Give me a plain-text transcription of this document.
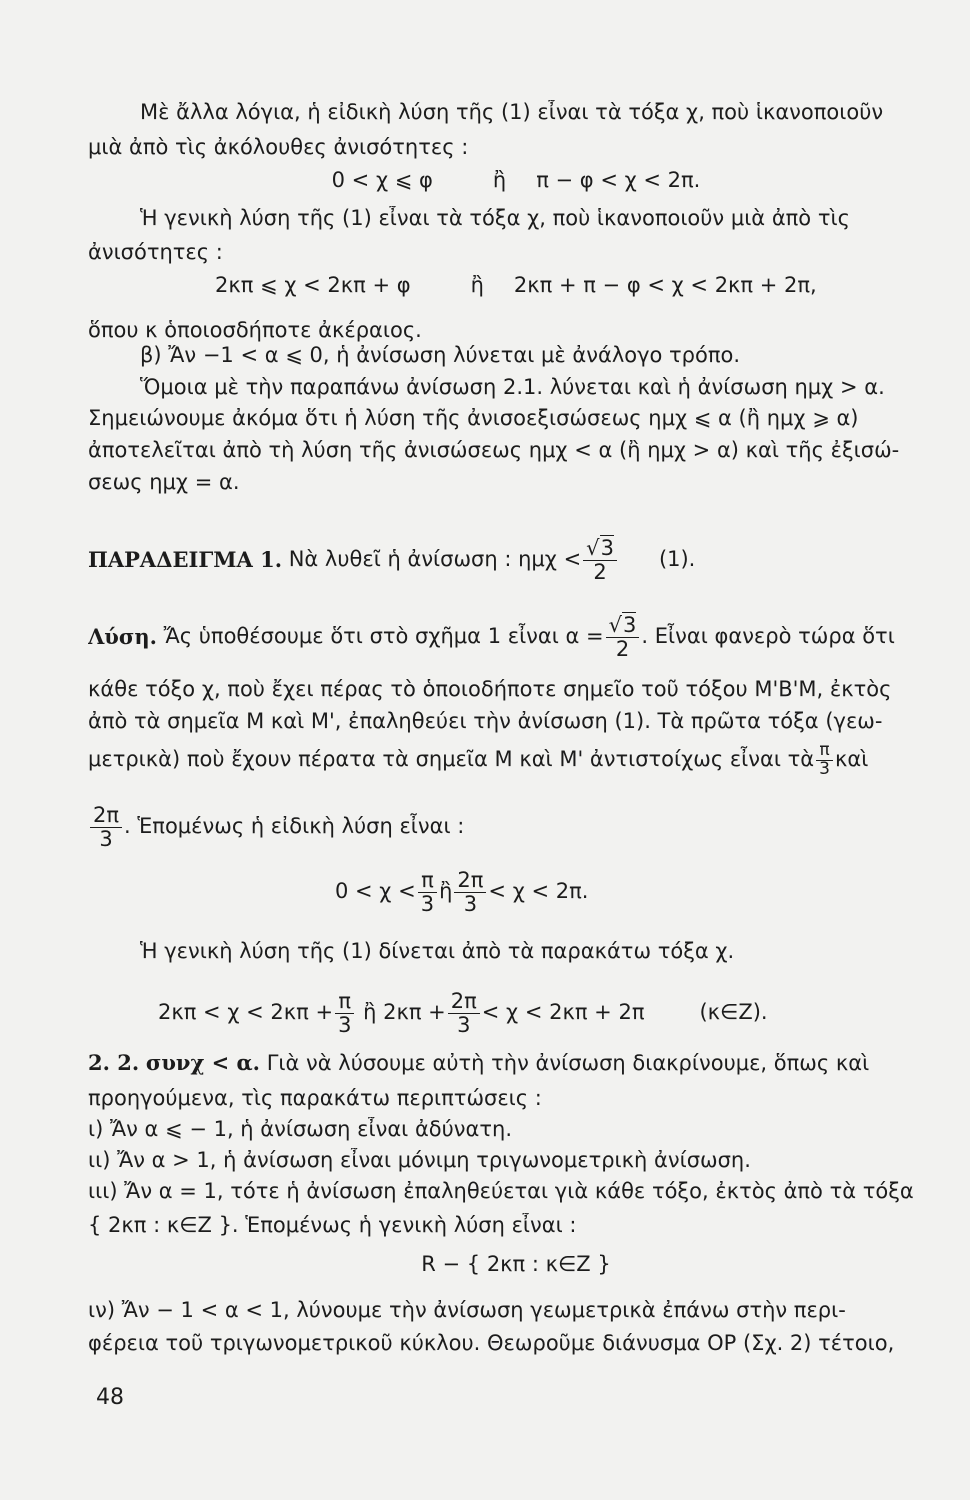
Μὲ ἄλλα λόγια, ἡ εἰδικὴ λύση τῆς (1) εἶναι τὰ τόξα χ, ποὺ ἱκανοποιοῦν
μιὰ ἀπὸ τὶς ἀκόλουθες ἀνισότητες :
0 < χ ⩽ φ	ἢ π − φ < χ < 2π.
Ἡ γενικὴ λύση τῆς (1) εἶναι τὰ τόξα χ, ποὺ ἱκανοποιοῦν μιὰ ἀπὸ τὶς
ἀνισότητες :
2κπ ⩽ χ < 2κπ + φ	ἢ 2κπ + π − φ < χ < 2κπ + 2π,
ὅπου κ ὁποιοσδήποτε ἀκέραιος.
β) Ἄν −1 < α ⩽ 0, ἡ ἀνίσωση λύνεται μὲ ἀνάλογο τρόπο.
Ὅμοια μὲ τὴν παραπάνω ἀνίσωση 2.1. λύνεται καὶ ἡ ἀνίσωση ημχ > α.
Σημειώνουμε ἀκόμα ὅτι ἡ λύση τῆς ἀνισοεξισώσεως ημχ ⩽ α (ἢ ημχ ⩾ α)
ἀποτελεῖται ἀπὸ τὴ λύση τῆς ἀνισώσεως ημχ < α (ἢ ημχ > α) καὶ τῆς ἐξισώ-
σεως ημχ = α.
ΠΑΡΑΔΕΙΓΜΑ 1.
Νὰ λυθεῖ ἡ ἀνίσωση : $\eta\mu\chi < \frac{√3}{2} (1)$.
Λύση.
Ἄς ὑποθέσουμε ὅτι στὸ σχῆμα 1 εἶναι $\alpha = \frac{√3}{2}$ . Εἶναι φανερὸ τώρα ὅτι
κάθε τόξο χ, ποὺ ἔχει πέρας τὸ ὁποιοδήποτε σημεῖο τοῦ τόξου Μ'Β'Μ, ἐκτὸς
ἀπὸ τὰ σημεῖα Μ καὶ Μ', ἐπαληθεύει τὴν ἀνίσωση (1). Τὰ πρῶτα τόξα (γεω-
μετρικὰ) ποὺ ἔχουν πέρατα τὰ σημεῖα Μ καὶ Μ' ἀντιστοίχως εἶναι τὰ $\frac{\pi}{3}$ καὶ
$\frac{2\pi}{3}$ . Ἑπομένως ἡ εἰδικὴ λύση εἶναι :
$0 < \chi < \frac{\pi}{3}$ ἢ $\frac{2\pi}{3} < \chi < 2\pi$.
Ἡ γενικὴ λύση τῆς (1) δίνεται ἀπὸ τὰ παρακάτω τόξα χ.
$2\kappa\pi < \chi < 2\kappa\pi + \frac{\pi}{3}$
ἢ $2\kappa\pi + \frac{2\pi}{3} < \chi < 2\kappa\pi + 2\pi$	(κ∈Z).
2. 2. συνχ < α. Γιὰ νὰ λύσουμε αὐτὴ τὴν ἀνίσωση διακρίνουμε, ὅπως καὶ
προηγούμενα, τὶς παρακάτω περιπτώσεις :
ι) Ἄν α ⩽ − 1, ἡ ἀνίσωση εἶναι ἀδύνατη.
ιι) Ἄν α > 1, ἡ ἀνίσωση εἶναι μόνιμη τριγωνομετρικὴ ἀνίσωση.
ιιι) Ἄν α = 1, τότε ἡ ἀνίσωση ἐπαληθεύεται γιὰ κάθε τόξο, ἐκτὸς ἀπὸ τὰ τόξα
{ 2κπ : κ∈Z }. Ἑπομένως ἡ γενικὴ λύση εἶναι :
R − { 2κπ : κ∈Z }
ιν) Ἄν − 1 < α < 1, λύνουμε τὴν ἀνίσωση γεωμετρικὰ ἐπάνω στὴν περι-
φέρεια τοῦ τριγωνομετρικοῦ κύκλου. Θεωροῦμε διάνυσμα $\overline{OP}$ (Σχ. 2) τέτοιο,
48
